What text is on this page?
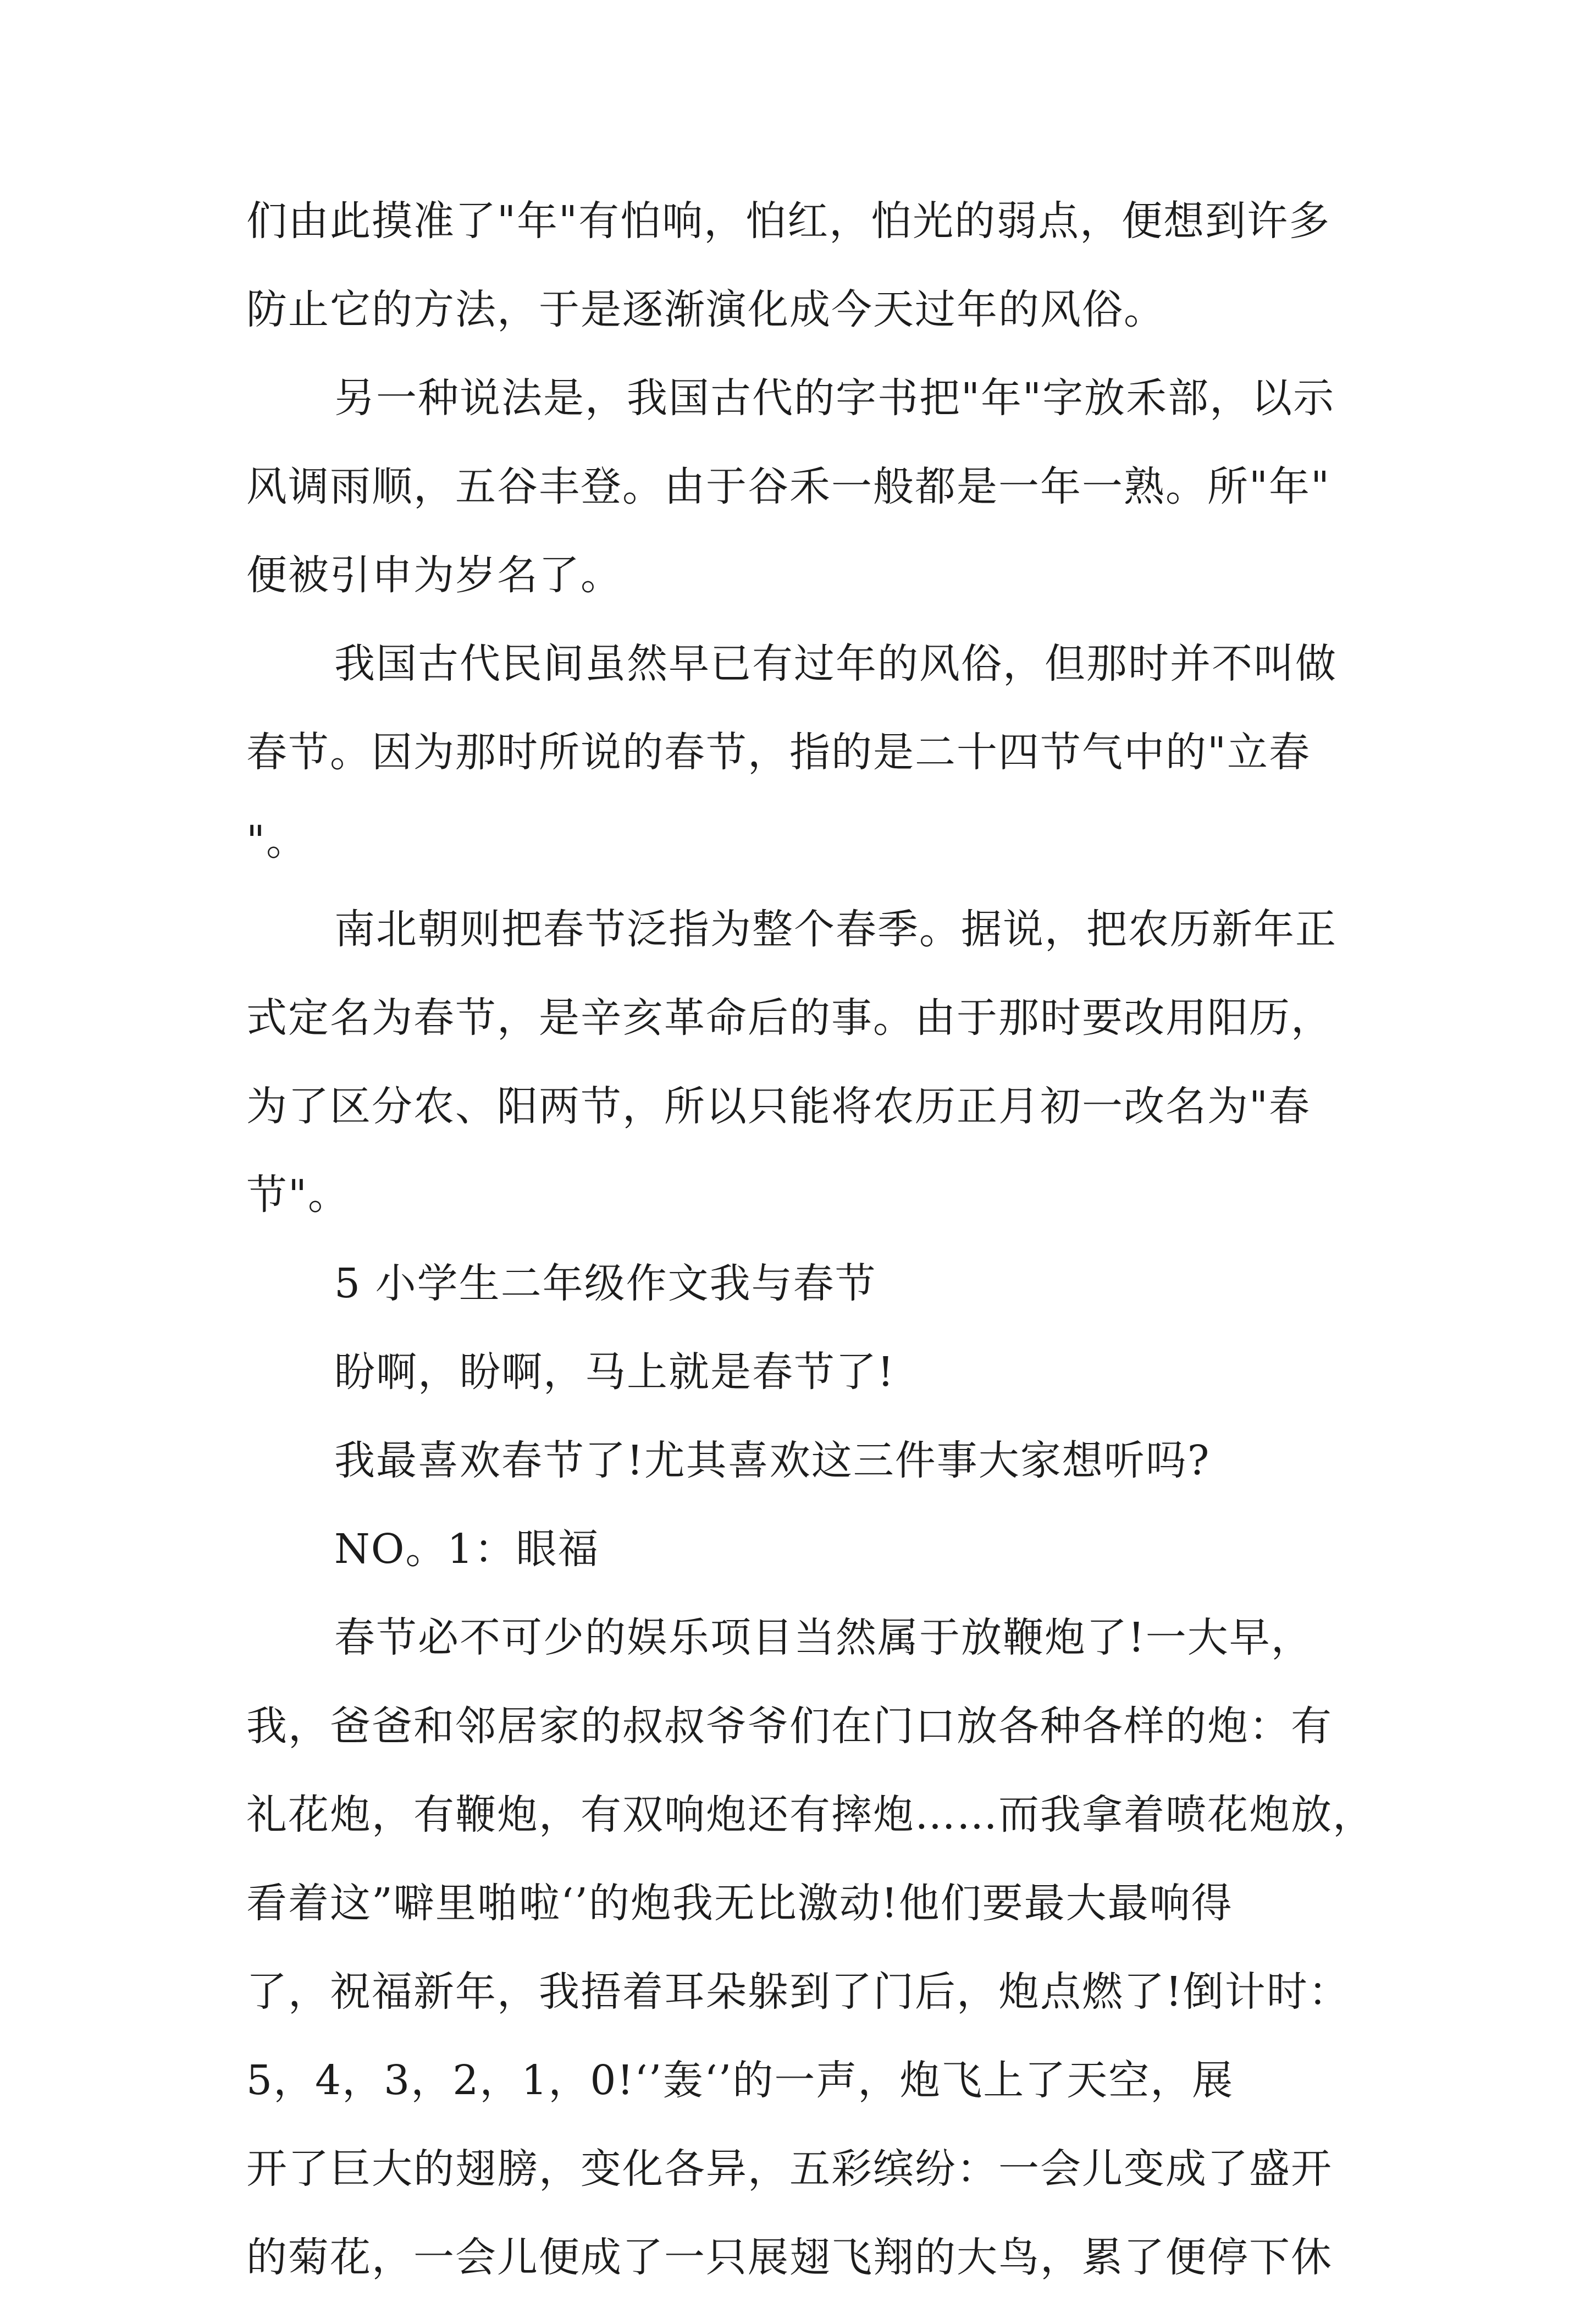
们由此摸准了"年"有怕响，怕红，怕光的弱点，便想到许多
防止它的方法，于是逐渐演化成今天过年的风俗。
另一种说法是，我国古代的字书把"年"字放禾部，以示
风调雨顺，五谷丰登。由于谷禾一般都是一年一熟。所"年"
便被引申为岁名了。
我国古代民间虽然早已有过年的风俗，但那时并不叫做
春节。因为那时所说的春节，指的是二十四节气中的"立春
"。
南北朝则把春节泛指为整个春季。据说，把农历新年正
式定名为春节，是辛亥革命后的事。由于那时要改用阳历，
为了区分农、阳两节，所以只能将农历正月初一改名为"春
节"。
5 小学生二年级作文我与春节
盼啊，盼啊，马上就是春节了!
我最喜欢春节了!尤其喜欢这三件事大家想听吗?
NO。1：眼福
春节必不可少的娱乐项目当然属于放鞭炮了!一大早，
我，爸爸和邻居家的叔叔爷爷们在门口放各种各样的炮：有
礼花炮，有鞭炮，有双响炮还有摔炮……而我拿着喷花炮放，
看着这”噼里啪啦‘’的炮我无比激动!他们要最大最响得
了，祝福新年，我捂着耳朵躲到了门后，炮点燃了!倒计时：
5，4，3，2，1，0!‘’轰‘’的一声，炮飞上了天空，展
开了巨大的翅膀，变化各异，五彩缤纷：一会儿变成了盛开
的菊花，一会儿便成了一只展翅飞翔的大鸟，累了便停下休
